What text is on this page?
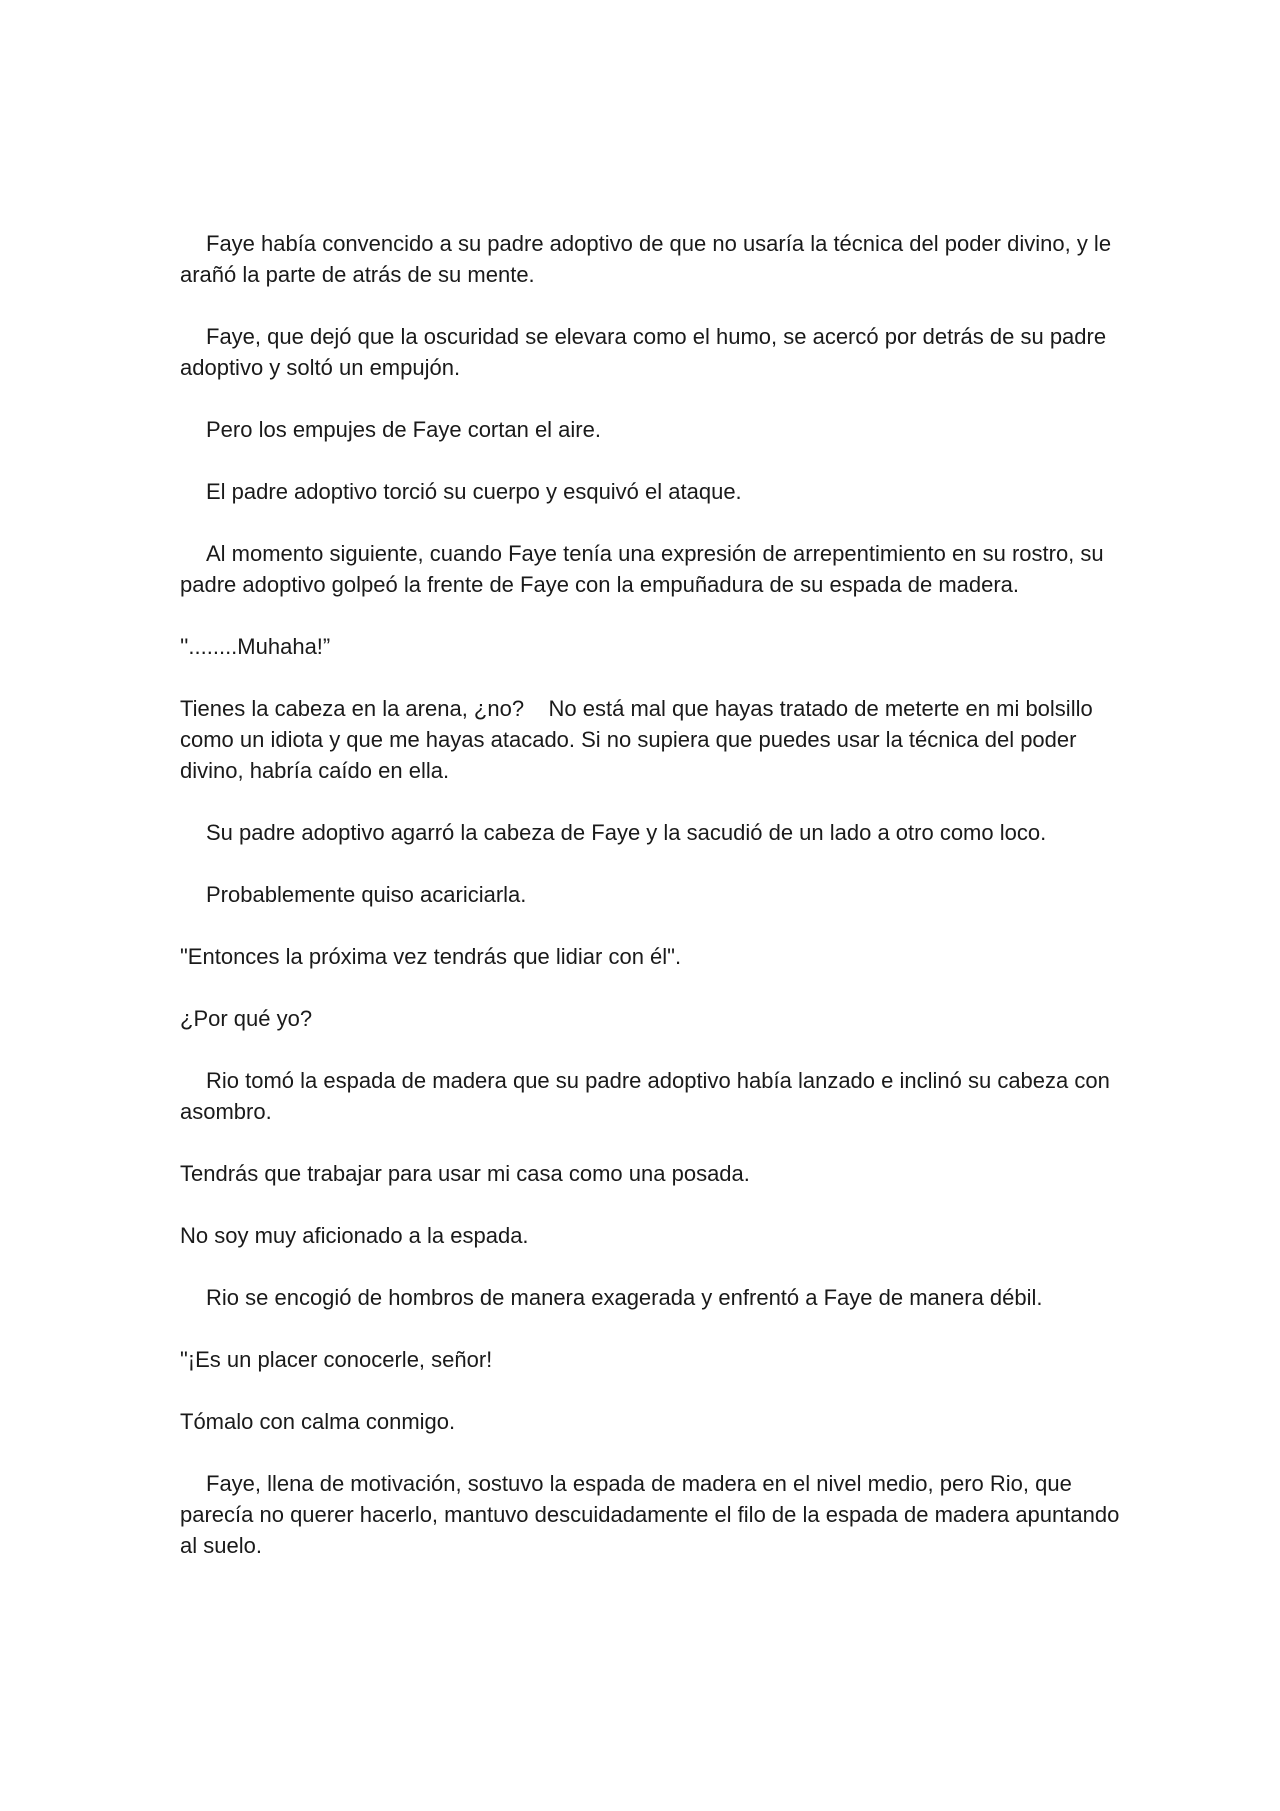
Faye había convencido a su padre adoptivo de que no usaría la técnica del poder divino, y le arañó la parte de atrás de su mente.

Faye, que dejó que la oscuridad se elevara como el humo, se acercó por detrás de su padre adoptivo y soltó un empujón.

Pero los empujes de Faye cortan el aire.

El padre adoptivo torció su cuerpo y esquivó el ataque.

Al momento siguiente, cuando Faye tenía una expresión de arrepentimiento en su rostro, su padre adoptivo golpeó la frente de Faye con la empuñadura de su espada de madera.

''........Muhaha!”

Tienes la cabeza en la arena, ¿no?    No está mal que hayas tratado de meterte en mi bolsillo como un idiota y que me hayas atacado. Si no supiera que puedes usar la técnica del poder divino, habría caído en ella.

Su padre adoptivo agarró la cabeza de Faye y la sacudió de un lado a otro como loco.

Probablemente quiso acariciarla.

"Entonces la próxima vez tendrás que lidiar con él".

¿Por qué yo?

Rio tomó la espada de madera que su padre adoptivo había lanzado e inclinó su cabeza con asombro.

Tendrás que trabajar para usar mi casa como una posada.

No soy muy aficionado a la espada.

Rio se encogió de hombros de manera exagerada y enfrentó a Faye de manera débil.

"¡Es un placer conocerle, señor!

Tómalo con calma conmigo.

Faye, llena de motivación, sostuvo la espada de madera en el nivel medio, pero Rio, que parecía no querer hacerlo, mantuvo descuidadamente el filo de la espada de madera apuntando al suelo.
